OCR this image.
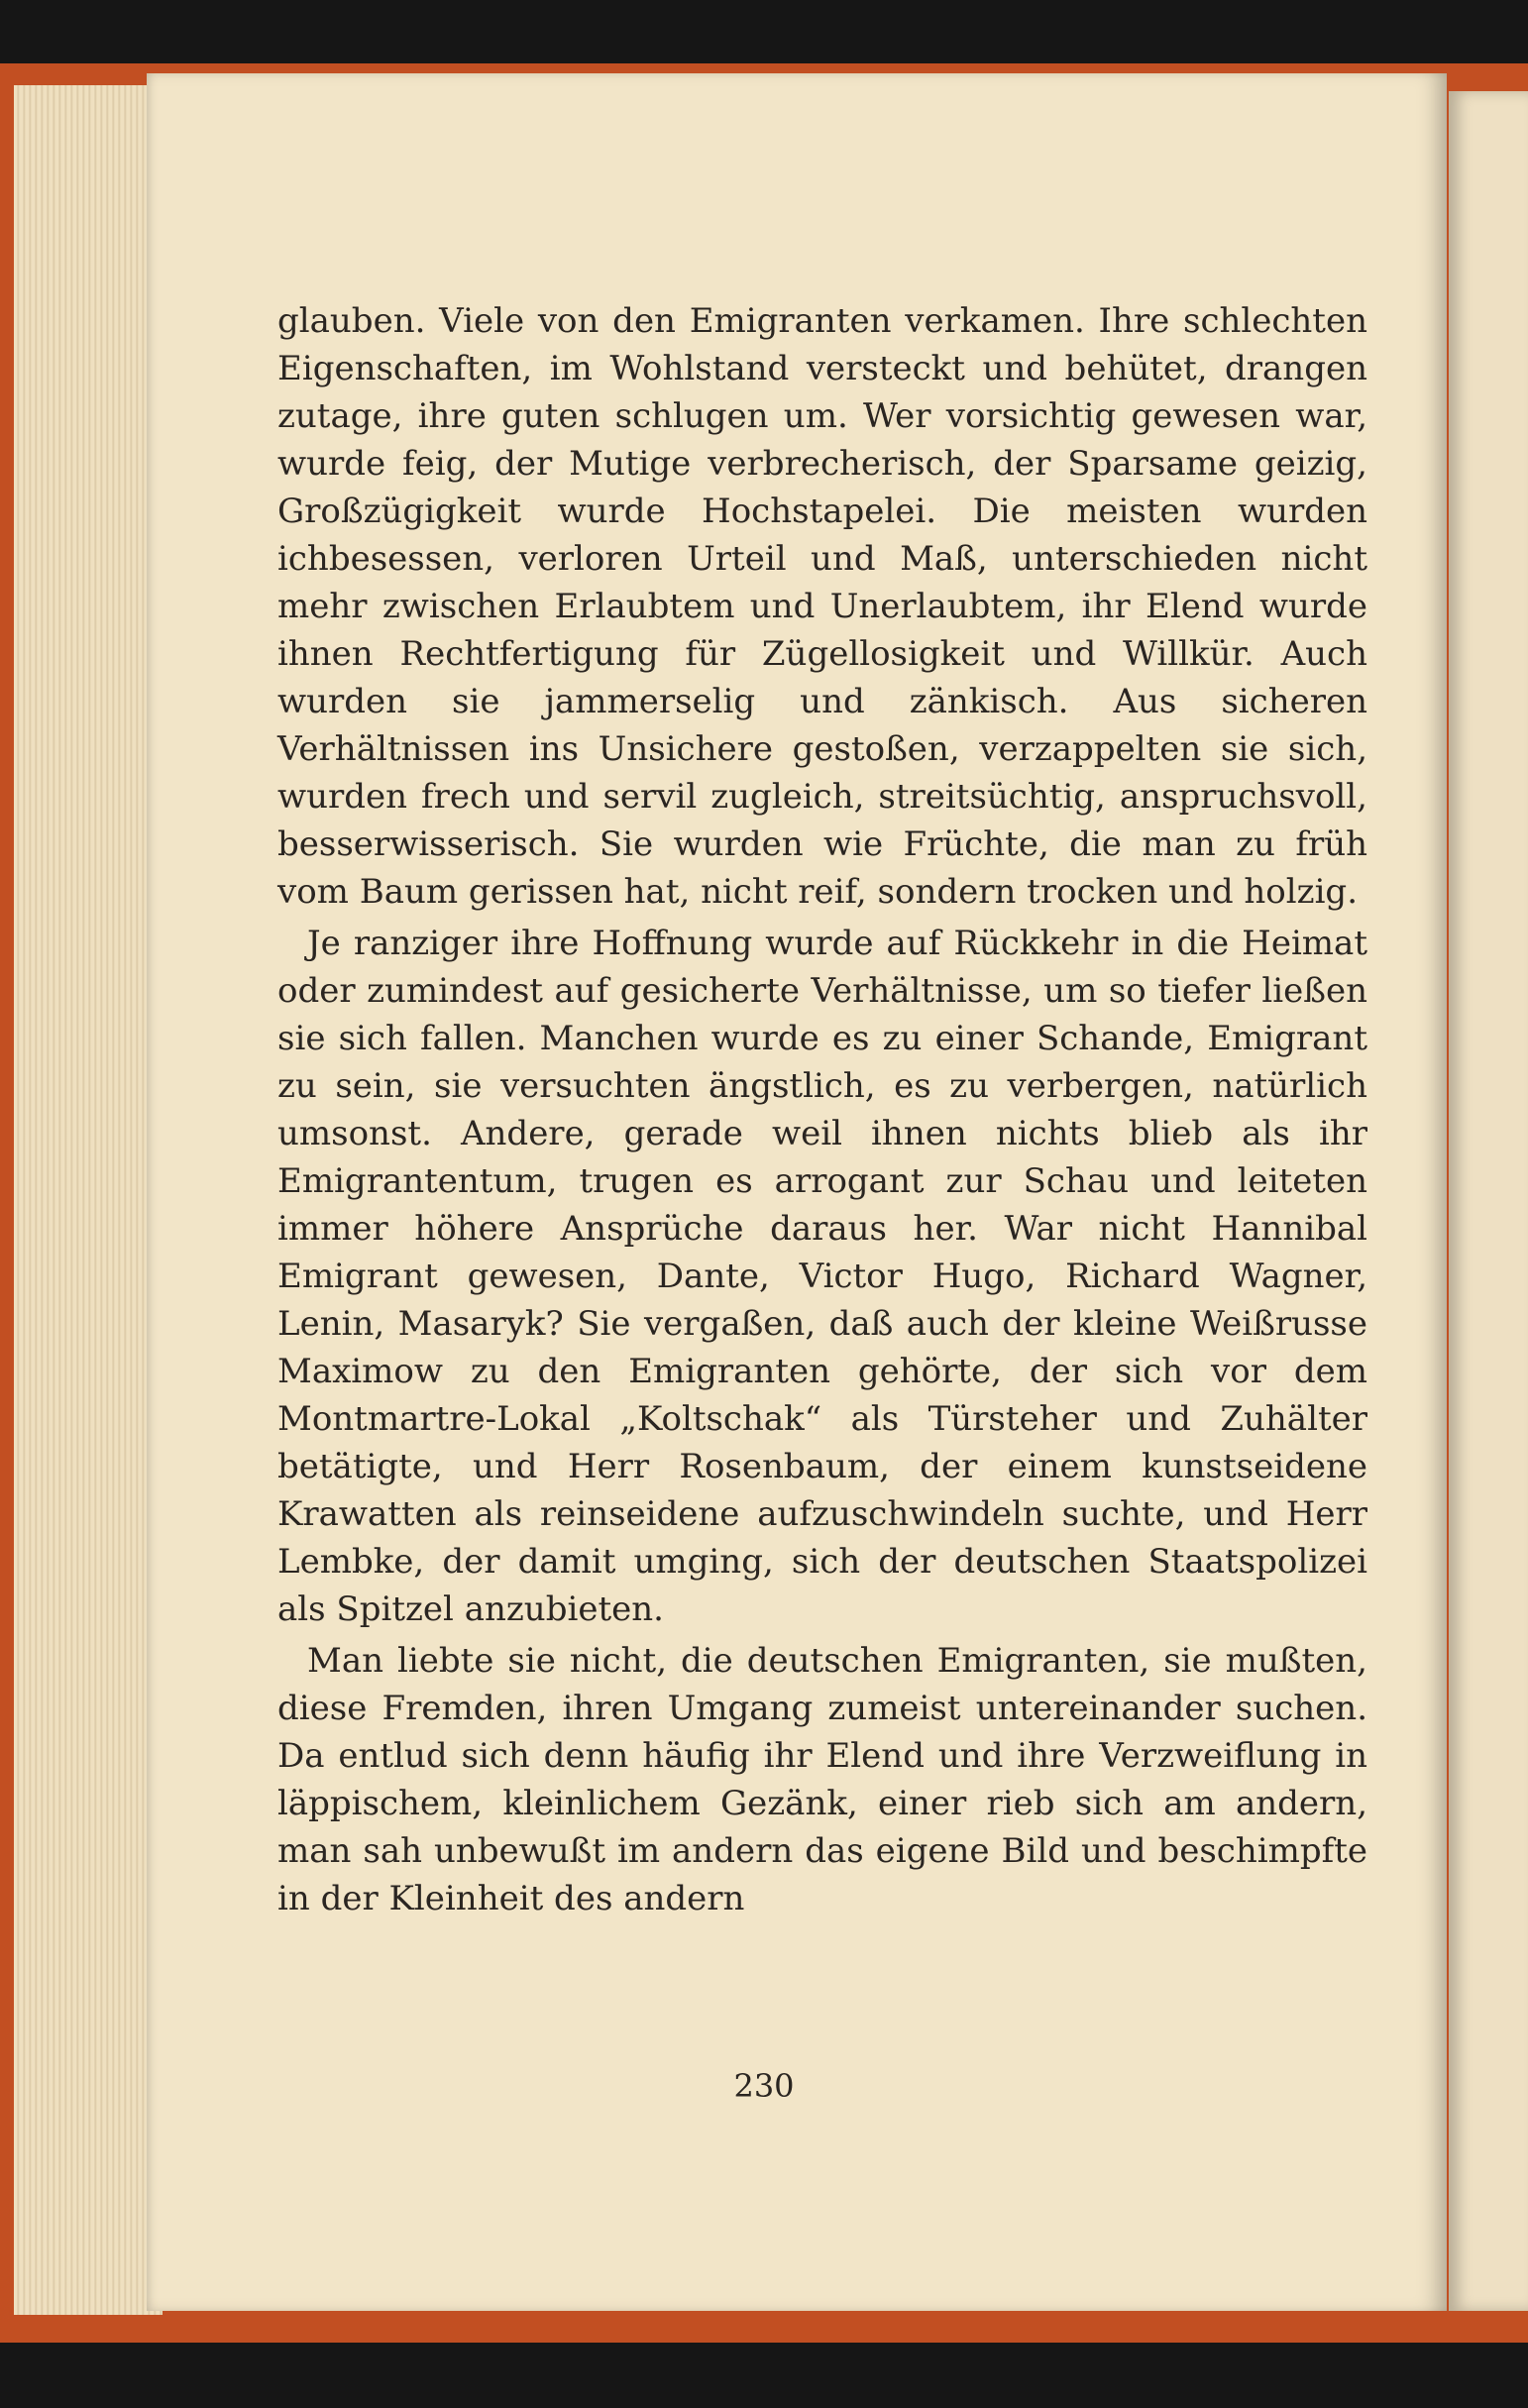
glauben. Viele von den Emigranten verkamen. Ihre schlechten Eigenschaften, im Wohlstand versteckt und behütet, drangen zutage, ihre guten schlugen um. Wer vorsichtig gewesen war, wurde feig, der Mutige verbrecherisch, der Sparsame geizig, Großzügigkeit wurde Hochstapelei. Die meisten wurden ichbesessen, verloren Urteil und Maß, unterschieden nicht mehr zwischen Erlaubtem und Unerlaubtem, ihr Elend wurde ihnen Rechtfertigung für Zügellosigkeit und Willkür. Auch wurden sie jammerselig und zänkisch. Aus sicheren Verhältnissen ins Unsichere gestoßen, verzappelten sie sich, wurden frech und servil zugleich, streitsüchtig, anspruchsvoll, besserwisserisch. Sie wurden wie Früchte, die man zu früh vom Baum gerissen hat, nicht reif, sondern trocken und holzig.

Je ranziger ihre Hoffnung wurde auf Rückkehr in die Heimat oder zumindest auf gesicherte Verhältnisse, um so tiefer ließen sie sich fallen. Manchen wurde es zu einer Schande, Emigrant zu sein, sie versuchten ängstlich, es zu verbergen, natürlich umsonst. Andere, gerade weil ihnen nichts blieb als ihr Emigrantentum, trugen es arrogant zur Schau und leiteten immer höhere Ansprüche daraus her. War nicht Hannibal Emigrant gewesen, Dante, Victor Hugo, Richard Wagner, Lenin, Masaryk? Sie vergaßen, daß auch der kleine Weißrusse Maximow zu den Emigranten gehörte, der sich vor dem Montmartre-Lokal „Koltschak“ als Türsteher und Zuhälter betätigte, und Herr Rosenbaum, der einem kunstseidene Krawatten als reinseidene aufzuschwindeln suchte, und Herr Lembke, der damit umging, sich der deutschen Staatspolizei als Spitzel anzubieten.

Man liebte sie nicht, die deutschen Emigranten, sie mußten, diese Fremden, ihren Umgang zumeist untereinander suchen. Da entlud sich denn häufig ihr Elend und ihre Verzweiflung in läppischem, kleinlichem Gezänk, einer rieb sich am andern, man sah unbewußt im andern das eigene Bild und beschimpfte in der Kleinheit des andern

230
